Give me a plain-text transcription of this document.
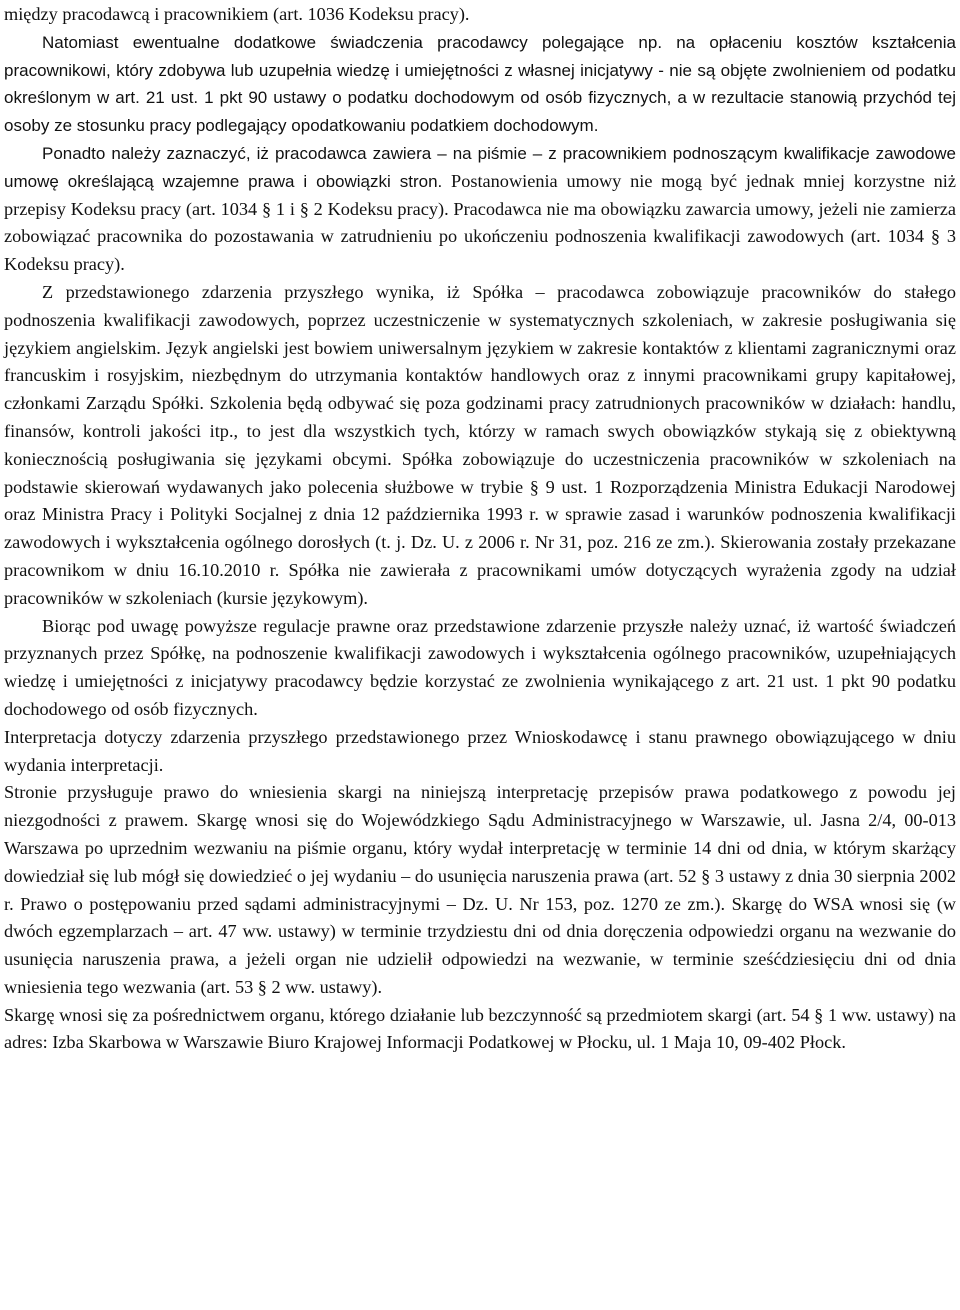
między pracodawcą i pracownikiem (art. 1036 Kodeksu pracy).

Natomiast ewentualne dodatkowe świadczenia pracodawcy polegające np. na opłaceniu kosztów kształcenia pracownikowi, który zdobywa lub uzupełnia wiedzę i umiejętności z własnej inicjatywy - nie są objęte zwolnieniem od podatku określonym w art. 21 ust. 1 pkt 90 ustawy o podatku dochodowym od osób fizycznych, a w rezultacie stanowią przychód tej osoby ze stosunku pracy podlegający opodatkowaniu podatkiem dochodowym.

Ponadto należy zaznaczyć, iż pracodawca zawiera – na piśmie – z pracownikiem podnoszącym kwalifikacje zawodowe umowę określającą wzajemne prawa i obowiązki stron. Postanowienia umowy nie mogą być jednak mniej korzystne niż przepisy Kodeksu pracy (art. 1034 § 1 i § 2 Kodeksu pracy). Pracodawca nie ma obowiązku zawarcia umowy, jeżeli nie zamierza zobowiązać pracownika do pozostawania w zatrudnieniu po ukończeniu podnoszenia kwalifikacji zawodowych (art. 1034 § 3 Kodeksu pracy).

Z przedstawionego zdarzenia przyszłego wynika, iż Spółka – pracodawca zobowiązuje pracowników do stałego podnoszenia kwalifikacji zawodowych, poprzez uczestniczenie w systematycznych szkoleniach, w zakresie posługiwania się językiem angielskim. Język angielski jest bowiem uniwersalnym językiem w zakresie kontaktów z klientami zagranicznymi oraz francuskim i rosyjskim, niezbędnym do utrzymania kontaktów handlowych oraz z innymi pracownikami grupy kapitałowej, członkami Zarządu Spółki. Szkolenia będą odbywać się poza godzinami pracy zatrudnionych pracowników w działach: handlu, finansów, kontroli jakości itp., to jest dla wszystkich tych, którzy w ramach swych obowiązków stykają się z obiektywną koniecznością posługiwania się językami obcymi. Spółka zobowiązuje do uczestniczenia pracowników w szkoleniach na podstawie skierowań wydawanych jako polecenia służbowe w trybie § 9 ust. 1 Rozporządzenia Ministra Edukacji Narodowej oraz Ministra Pracy i Polityki Socjalnej z dnia 12 października 1993 r. w sprawie zasad i warunków podnoszenia kwalifikacji zawodowych i wykształcenia ogólnego dorosłych (t. j. Dz. U. z 2006 r. Nr 31, poz. 216 ze zm.). Skierowania zostały przekazane pracownikom w dniu 16.10.2010 r. Spółka nie zawierała z pracownikami umów dotyczących wyrażenia zgody na udział pracowników w szkoleniach (kursie językowym).

Biorąc pod uwagę powyższe regulacje prawne oraz przedstawione zdarzenie przyszłe należy uznać, iż wartość świadczeń przyznanych przez Spółkę, na podnoszenie kwalifikacji zawodowych i wykształcenia ogólnego pracowników, uzupełniających wiedzę i umiejętności z inicjatywy pracodawcy będzie korzystać ze zwolnienia wynikającego z art. 21 ust. 1 pkt 90 podatku dochodowego od osób fizycznych.

Interpretacja dotyczy zdarzenia przyszłego przedstawionego przez Wnioskodawcę i stanu prawnego obowiązującego w dniu wydania interpretacji.

Stronie przysługuje prawo do wniesienia skargi na niniejszą interpretację przepisów prawa podatkowego z powodu jej niezgodności z prawem. Skargę wnosi się do Wojewódzkiego Sądu Administracyjnego w Warszawie, ul. Jasna 2/4, 00-013 Warszawa po uprzednim wezwaniu na piśmie organu, który wydał interpretację w terminie 14 dni od dnia, w którym skarżący dowiedział się lub mógł się dowiedzieć o jej wydaniu – do usunięcia naruszenia prawa (art. 52 § 3 ustawy z dnia 30 sierpnia 2002 r. Prawo o postępowaniu przed sądami administracyjnymi – Dz. U. Nr 153, poz. 1270 ze zm.). Skargę do WSA wnosi się (w dwóch egzemplarzach – art. 47 ww. ustawy) w terminie trzydziestu dni od dnia doręczenia odpowiedzi organu na wezwanie do usunięcia naruszenia prawa, a jeżeli organ nie udzielił odpowiedzi na wezwanie, w terminie sześćdziesięciu dni od dnia wniesienia tego wezwania (art. 53 § 2 ww. ustawy).

Skargę wnosi się za pośrednictwem organu, którego działanie lub bezczynność są przedmiotem skargi (art. 54 § 1 ww. ustawy) na adres: Izba Skarbowa w Warszawie Biuro Krajowej Informacji Podatkowej w Płocku, ul. 1 Maja 10, 09-402 Płock.
